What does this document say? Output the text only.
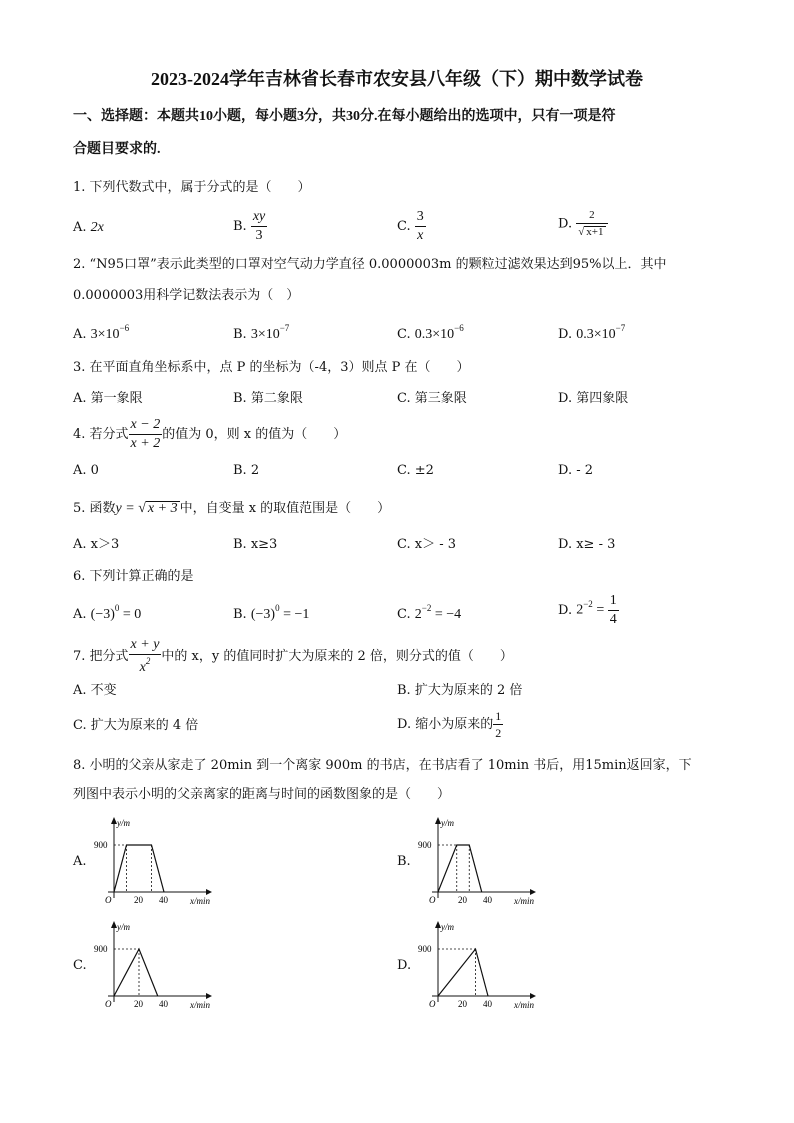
2023-2024学年吉林省长春市农安县八年级（下）期中数学试卷
一、选择题：本题共10小题，每小题3分，共30分.在每小题给出的选项中，只有一项是符
合题目要求的.
1. 下列代数式中，属于分式的是（　　）
A. 2x	B. $\frac{xy}{3}$	C. $\frac{3}{x}$	D. $\frac{2}{√ x+1}$
2. “N95口罩”表示此类型的口罩对空气动力学直径 0.0000003m 的颗粒过滤效果达到95%以上．其中
0.0000003用科学记数法表示为（　）
A. $3\times 10^{-6}$	B. $3\times 10^{-7}$	C. $0.3\times 10^{-6}$	D. $0.3\times 10^{-7}$
3. 在平面直角坐标系中，点 P 的坐标为（-4，3）则点 P 在（　　）
A. 第一象限	B. 第二象限	C. 第三象限	D. 第四象限
4. 若分式 $\frac{x - 2}{x + 2}$ 的值为 0，则 x 的值为（　　）
A. 0	B. 2	C. ±2	D. - 2
5. 函数y = √ x + 3 中，自变量 x 的取值范围是（　　）
A. x＞3	B. x≥3	C. x＞ - 3	D. x≥ - 3
6. 下列计算正确的是
A. $(-3)^0 = 0$	B. $(-3)^0 = -1$	C. $2^{-2} = -4$	D. $2^{-2} = \frac{1}{4}$
7. 把分式 $\frac{x + y}{x^2}$ 中的 x，y 的值同时扩大为原来的 2 倍，则分式的值（　　）
A. 不变	B. 扩大为原来的 2 倍
C. 扩大为原来的 4 倍	D. 缩小为原来的 $\frac{1}{2}$
8. 小明的父亲从家走了 20min 到一个离家 900m 的书店，在书店看了 10min 书后，用15min返回家，下
列图中表示小明的父亲离家的距离与时间的函数图象的是（　　）
A.	B.
C.	D.
y/m
x/min
O
900
20 40
y/m
x/min
O
900
20 40
y/m
x/min
O
900
20 40
y/m
x/min
O
900
20 40
